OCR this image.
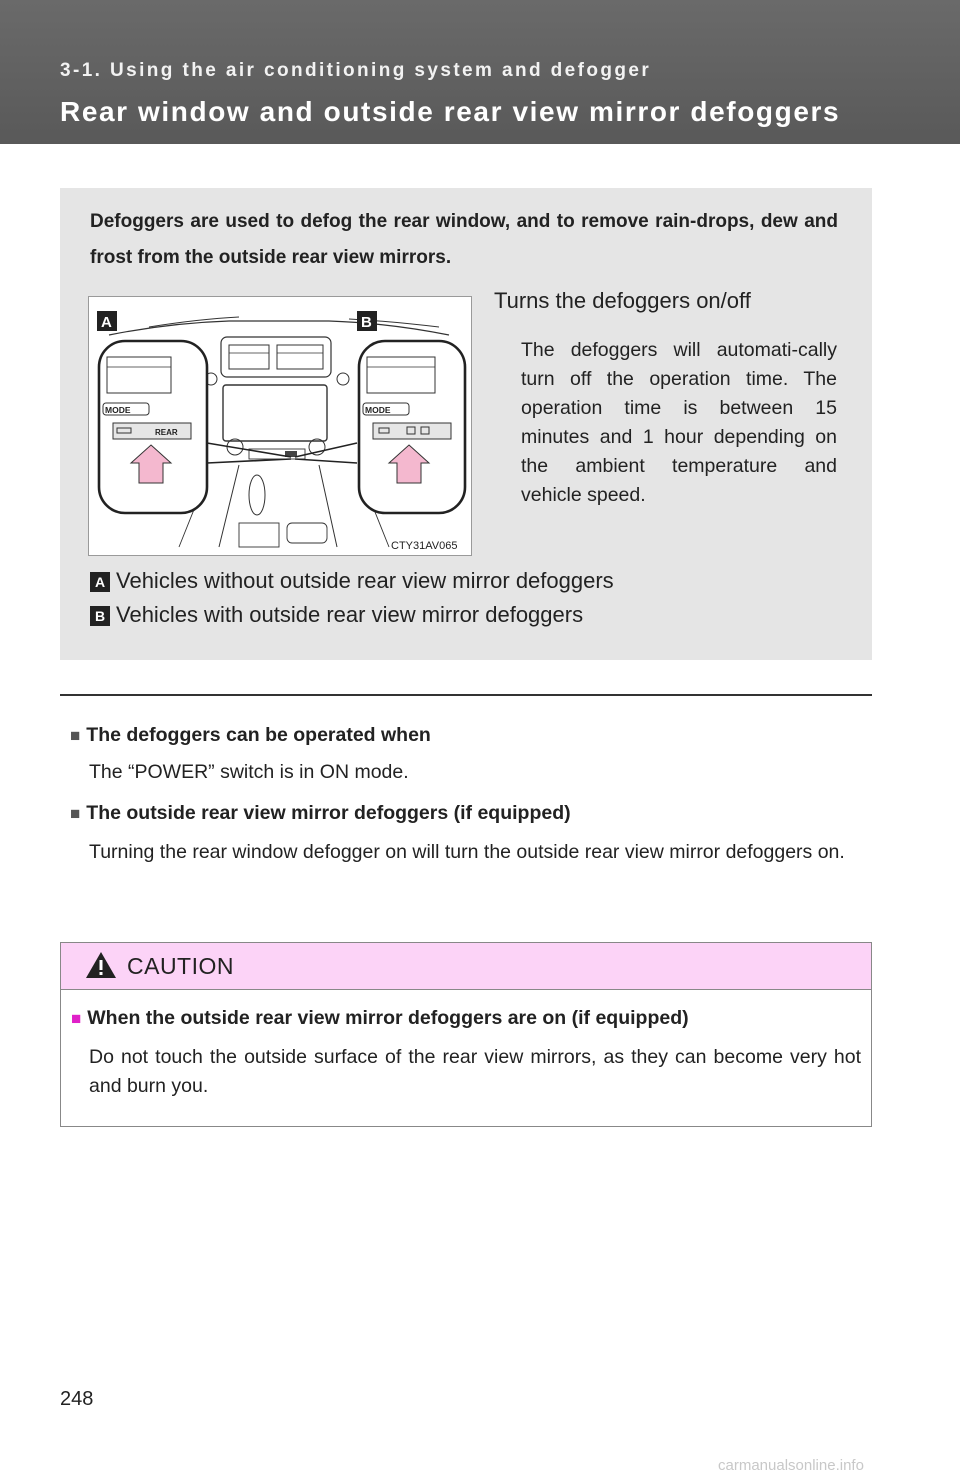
3-1. Using the air conditioning system and defogger
Rear window and outside rear view mirror defoggers
Defoggers are used to defog the rear window, and to remove rain-drops, dew and frost from the outside rear view mirrors.
MODE
REAR
MODE
A	B
CTY31AV065
Turns the defoggers on/off
The defoggers will automati-cally turn off the operation time. The operation time is between 15 minutes and 1 hour depending on the ambient temperature and vehicle speed.
A Vehicles without outside rear view mirror defoggers
B Vehicles with outside rear view mirror defoggers
■ The defoggers can be operated when
The “POWER” switch is in ON mode.
■ The outside rear view mirror defoggers (if equipped)
Turning the rear window defogger on will turn the outside rear view mirror defoggers on.
CAUTION
■ When the outside rear view mirror defoggers are on (if equipped)
Do not touch the outside surface of the rear view mirrors, as they can become very hot and burn you.
248
carmanualsonline.info
